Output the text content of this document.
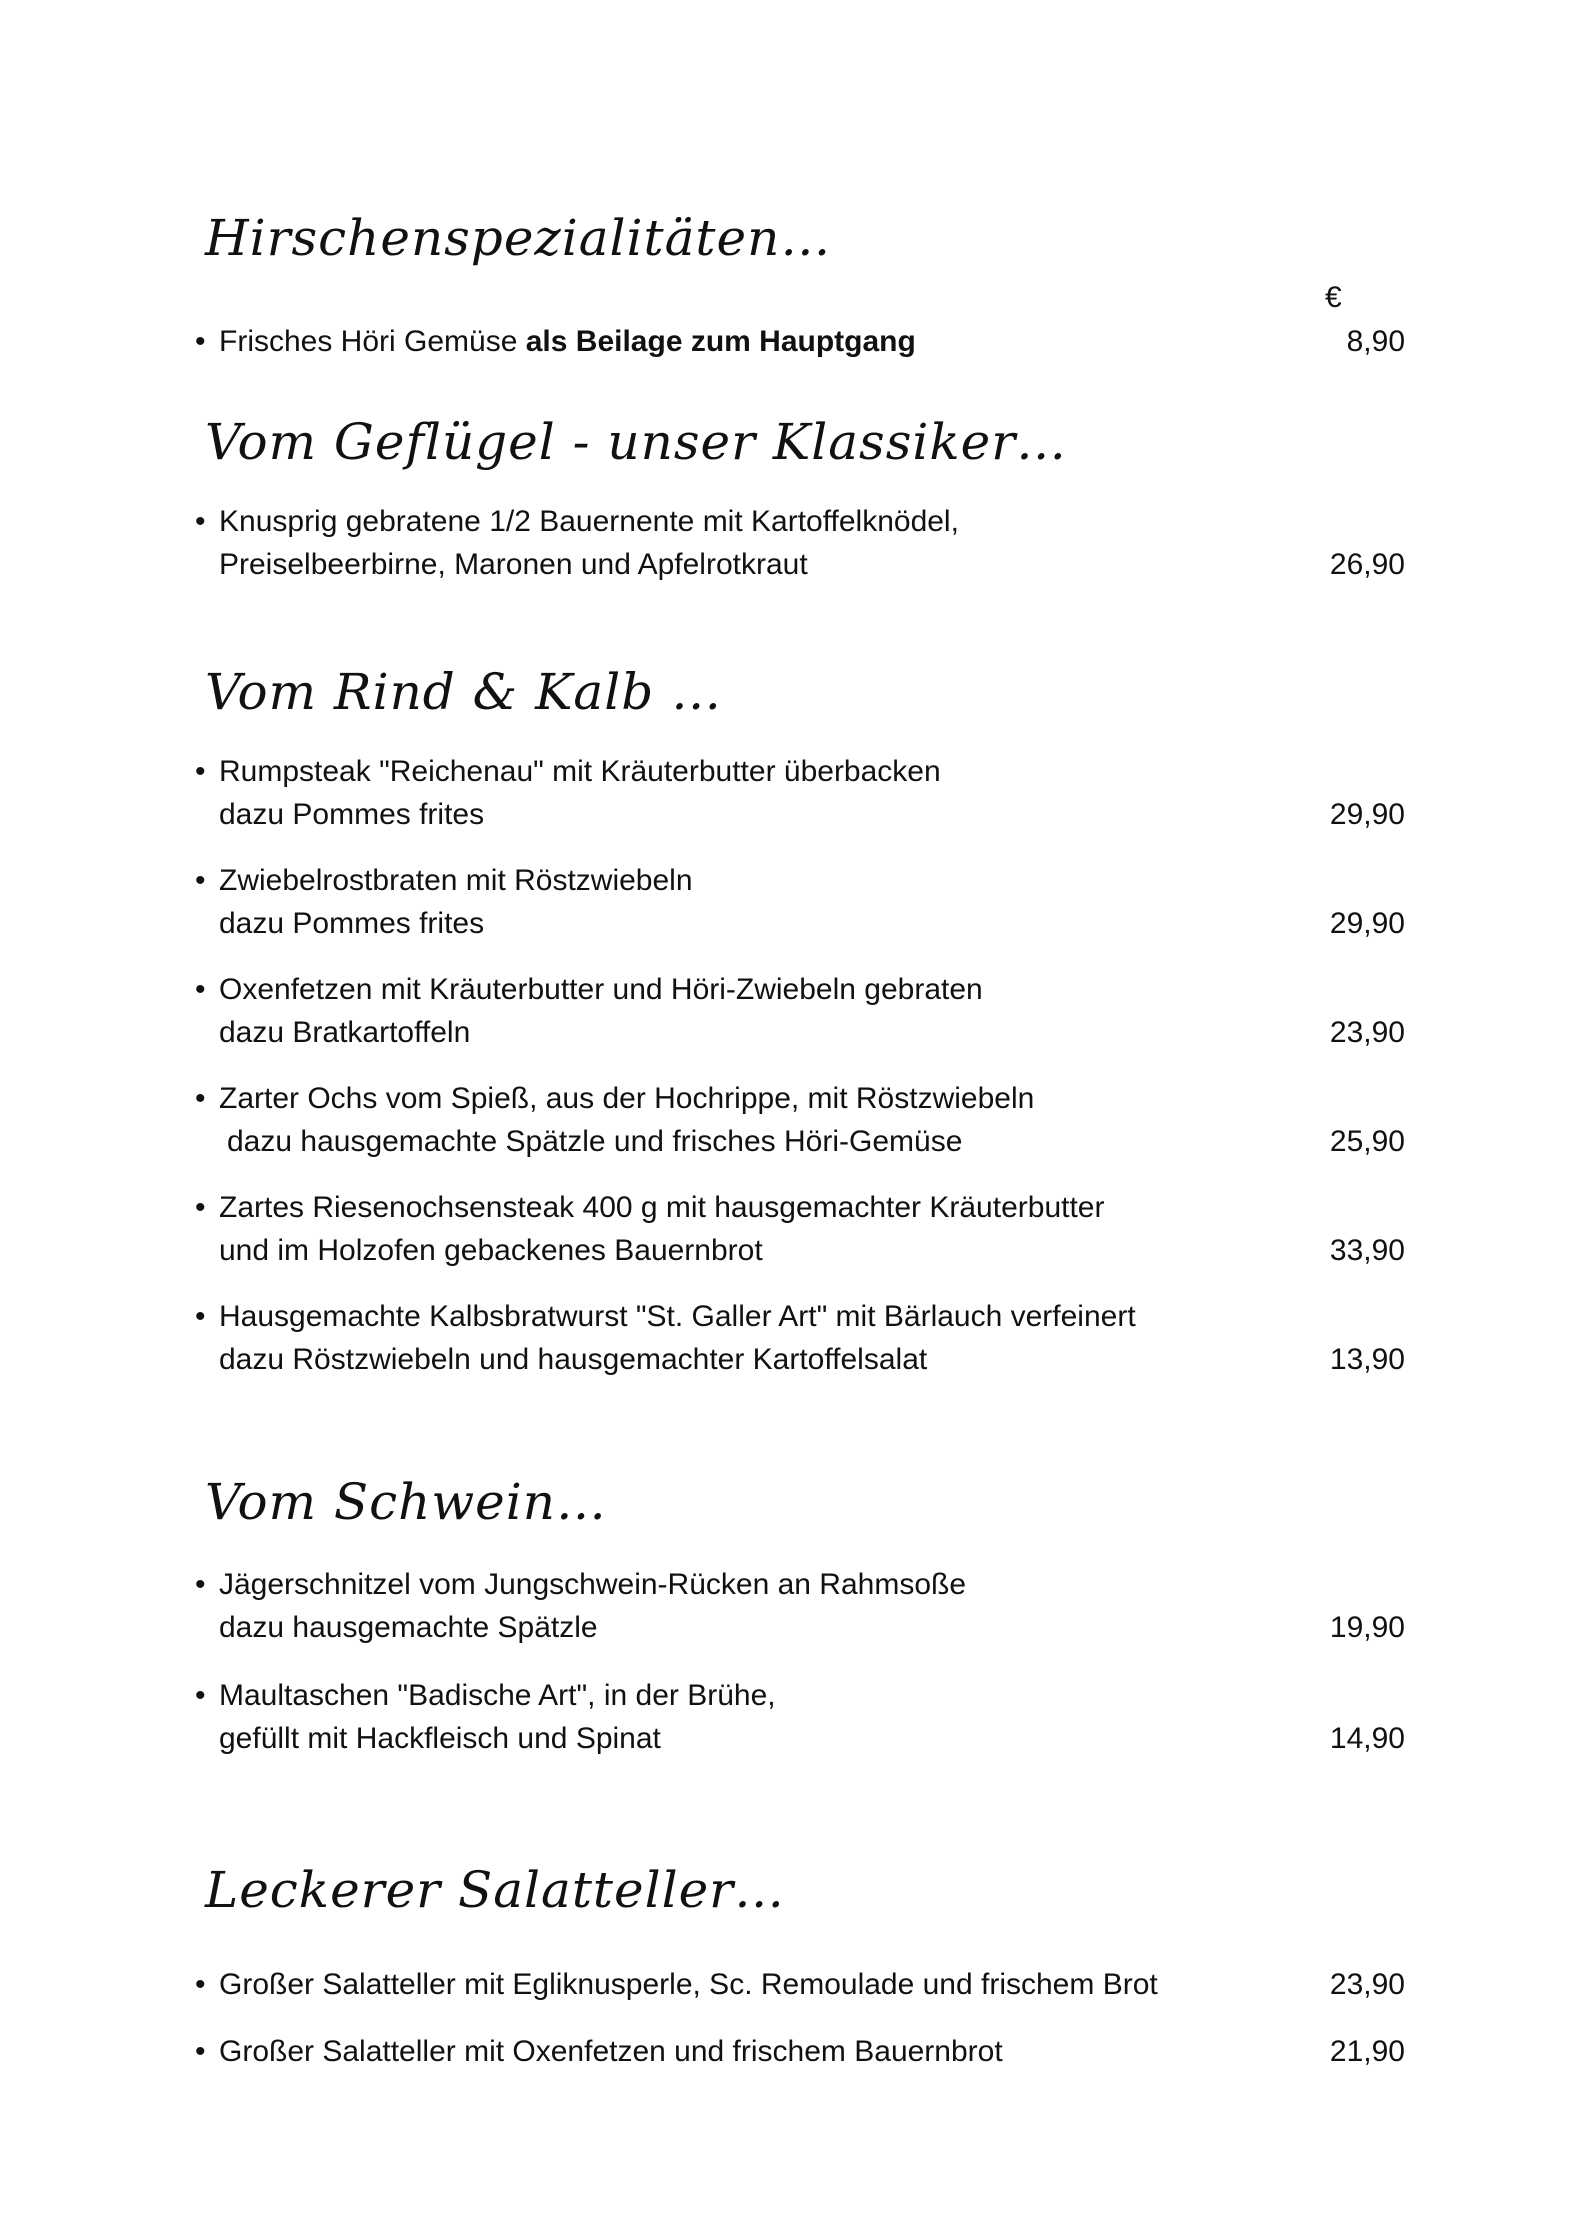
Hirschenspezialitäten…
€
• Frisches Höri Gemüse als Beilage zum Hauptgang	8,90
Vom Geflügel - unser Klassiker…
• Knusprig gebratene 1/2 Bauernente mit Kartoffelknödel,
Preiselbeerbirne, Maronen und Apfelrotkraut	26,90
Vom Rind & Kalb …
• Rumpsteak "Reichenau" mit Kräuterbutter überbacken
dazu Pommes frites	29,90
• Zwiebelrostbraten mit Röstzwiebeln
dazu Pommes frites	29,90
• Oxenfetzen mit Kräuterbutter und Höri-Zwiebeln gebraten
dazu Bratkartoffeln	23,90
• Zarter Ochs vom Spieß, aus der Hochrippe, mit Röstzwiebeln
dazu hausgemachte Spätzle und frisches Höri-Gemüse	25,90
• Zartes Riesenochsensteak 400 g mit hausgemachter Kräuterbutter
und im Holzofen gebackenes Bauernbrot	33,90
• Hausgemachte Kalbsbratwurst "St. Galler Art" mit Bärlauch verfeinert
dazu Röstzwiebeln und hausgemachter Kartoffelsalat	13,90
Vom Schwein…
• Jägerschnitzel vom Jungschwein-Rücken an Rahmsoße
dazu hausgemachte Spätzle	19,90
• Maultaschen "Badische Art", in der Brühe,
gefüllt mit Hackfleisch und Spinat	14,90
Leckerer Salatteller…
• Großer Salatteller mit Egliknusperle, Sc. Remoulade und frischem Brot	23,90
• Großer Salatteller mit Oxenfetzen und frischem Bauernbrot	21,90
